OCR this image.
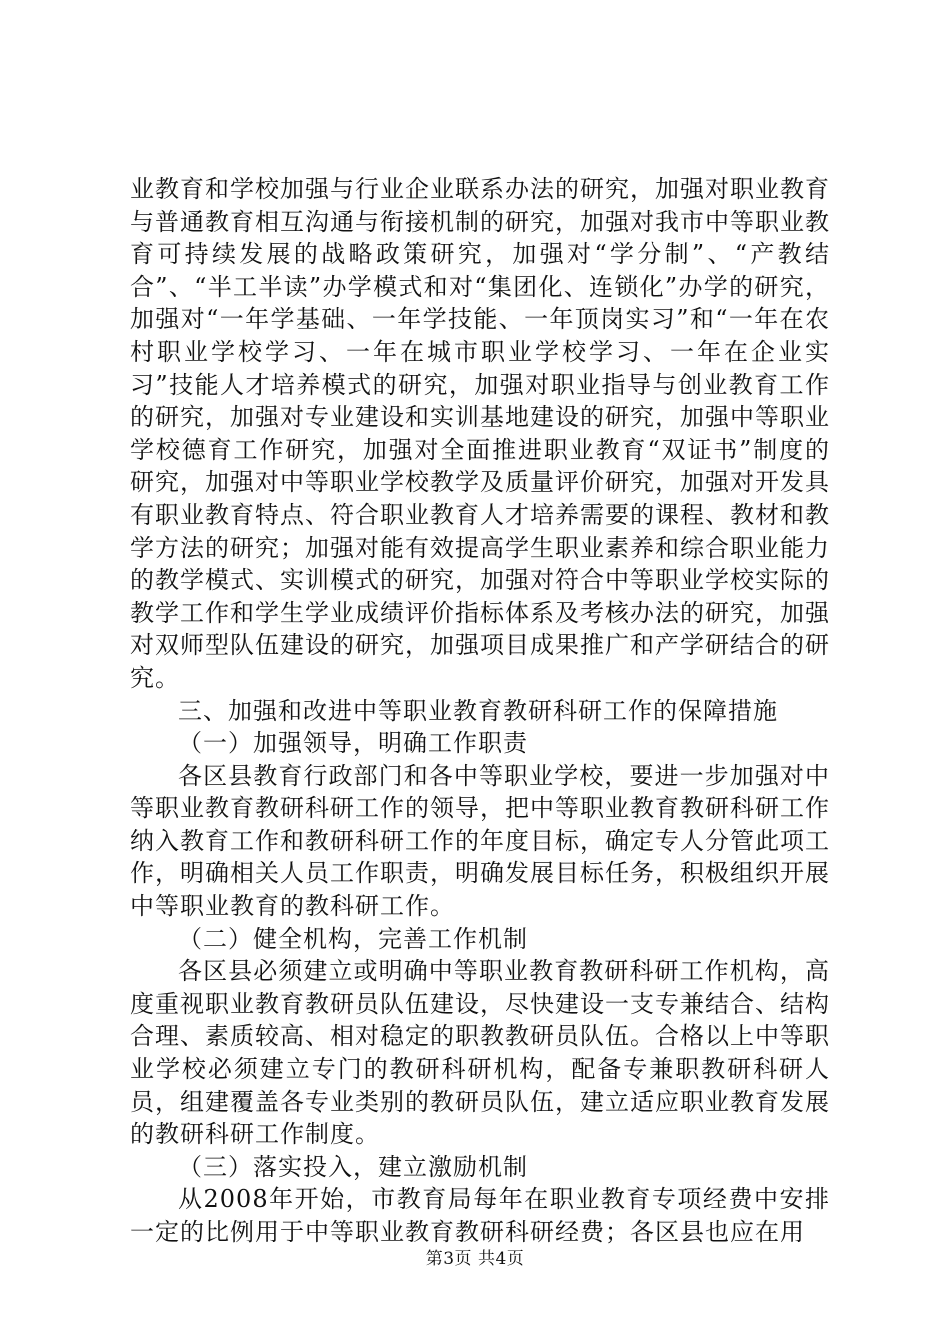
业教育和学校加强与行业企业联系办法的研究，加强对职业教育与普通教育相互沟通与衔接机制的研究，加强对我市中等职业教育可持续发展的战略政策研究，加强对“学分制”、“产教结合”、“半工半读”办学模式和对“集团化、连锁化”办学的研究，加强对“一年学基础、一年学技能、一年顶岗实习”和“一年在农村职业学校学习、一年在城市职业学校学习、一年在企业实习”技能人才培养模式的研究，加强对职业指导与创业教育工作的研究，加强对专业建设和实训基地建设的研究，加强中等职业学校德育工作研究，加强对全面推进职业教育“双证书”制度的研究，加强对中等职业学校教学及质量评价研究，加强对开发具有职业教育特点、符合职业教育人才培养需要的课程、教材和教学方法的研究；加强对能有效提高学生职业素养和综合职业能力的教学模式、实训模式的研究，加强对符合中等职业学校实际的教学工作和学生学业成绩评价指标体系及考核办法的研究，加强对双师型队伍建设的研究，加强项目成果推广和产学研结合的研究。

三、加强和改进中等职业教育教研科研工作的保障措施

（一）加强领导，明确工作职责

各区县教育行政部门和各中等职业学校，要进一步加强对中等职业教育教研科研工作的领导，把中等职业教育教研科研工作纳入教育工作和教研科研工作的年度目标，确定专人分管此项工作，明确相关人员工作职责，明确发展目标任务，积极组织开展中等职业教育的教科研工作。

（二）健全机构，完善工作机制

各区县必须建立或明确中等职业教育教研科研工作机构，高度重视职业教育教研员队伍建设，尽快建设一支专兼结合、结构合理、素质较高、相对稳定的职教教研员队伍。合格以上中等职业学校必须建立专门的教研科研机构，配备专兼职教研科研人员，组建覆盖各专业类别的教研员队伍，建立适应职业教育发展的教研科研工作制度。

（三）落实投入，建立激励机制

从2008年开始，市教育局每年在职业教育专项经费中安排一定的比例用于中等职业教育教研科研经费；各区县也应在用

第3页 共4页
